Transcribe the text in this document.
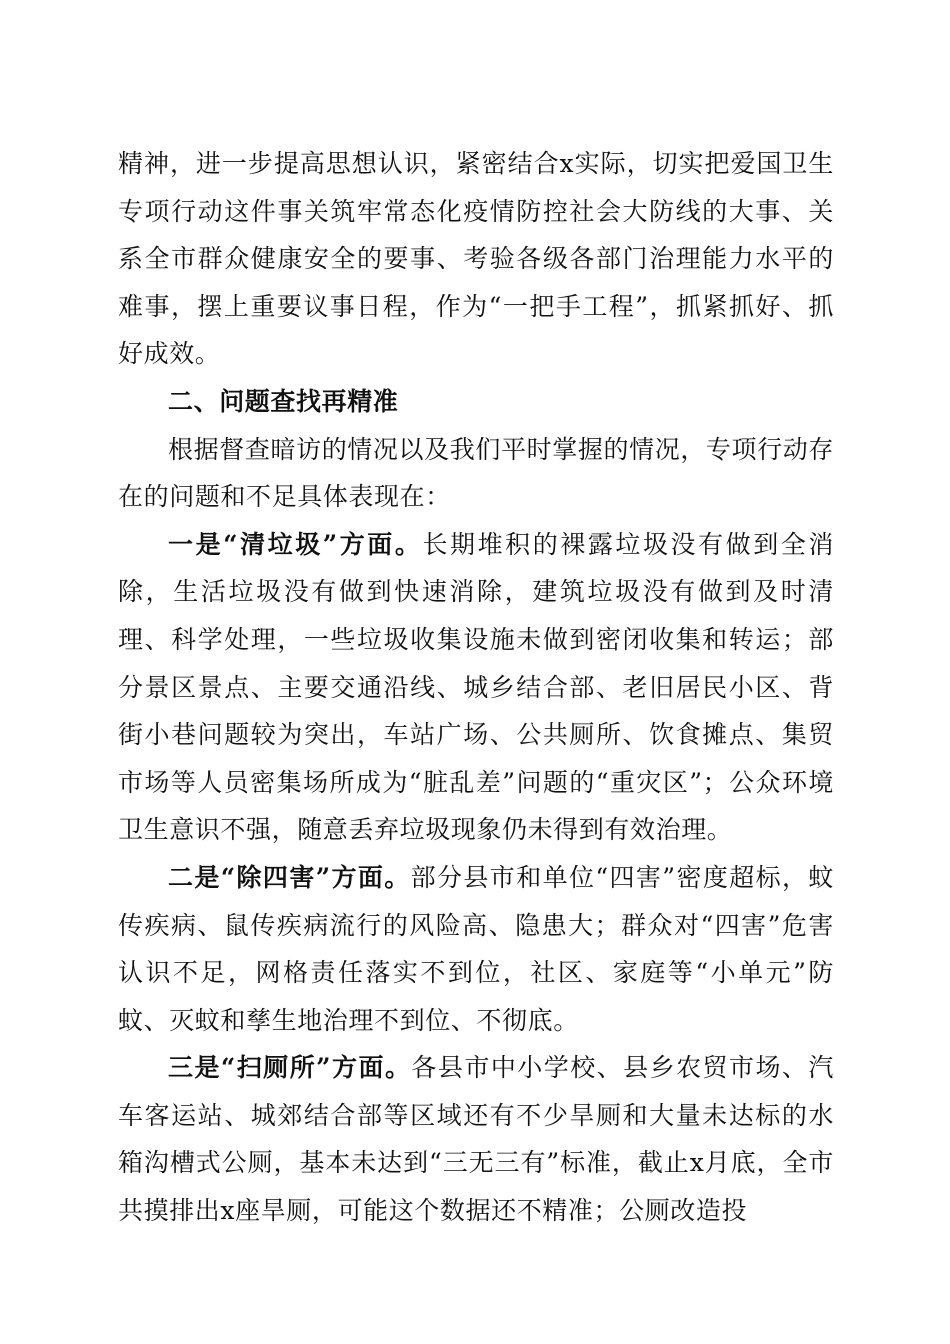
精神，进一步提高思想认识，紧密结合x实际，切实把爱国卫生专项行动这件事关筑牢常态化疫情防控社会大防线的大事、关系全市群众健康安全的要事、考验各级各部门治理能力水平的难事，摆上重要议事日程，作为“一把手工程”，抓紧抓好、抓好成效。

二、问题查找再精准

根据督查暗访的情况以及我们平时掌握的情况，专项行动存在的问题和不足具体表现在：

一是“清垃圾”方面。长期堆积的裸露垃圾没有做到全消除，生活垃圾没有做到快速消除，建筑垃圾没有做到及时清理、科学处理，一些垃圾收集设施未做到密闭收集和转运；部分景区景点、主要交通沿线、城乡结合部、老旧居民小区、背街小巷问题较为突出，车站广场、公共厕所、饮食摊点、集贸市场等人员密集场所成为“脏乱差”问题的“重灾区”；公众环境卫生意识不强，随意丢弃垃圾现象仍未得到有效治理。

二是“除四害”方面。部分县市和单位“四害”密度超标，蚊传疾病、鼠传疾病流行的风险高、隐患大；群众对“四害”危害认识不足，网格责任落实不到位，社区、家庭等“小单元”防蚊、灭蚊和孳生地治理不到位、不彻底。

三是“扫厕所”方面。各县市中小学校、县乡农贸市场、汽车客运站、城郊结合部等区域还有不少旱厕和大量未达标的水箱沟槽式公厕，基本未达到“三无三有”标准，截止x月底，全市共摸排出x座旱厕，可能这个数据还不精准；公厕改造投
